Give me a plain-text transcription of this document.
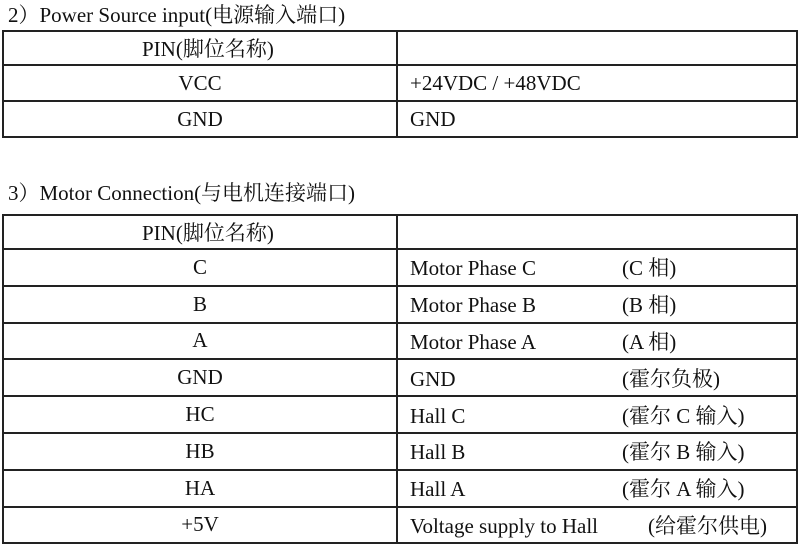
2）Power Source input(电源输入端口)
PIN(脚位名称)	
VCC	+24VDC / +48VDC
GND	GND
3）Motor Connection(与电机连接端口)
PIN(脚位名称)	
C	Motor Phase C (C 相)
B	Motor Phase B (B 相)
A	Motor Phase A (A 相)
GND	GND (霍尔负极)
HC	Hall C (霍尔 C 输入)
HB	Hall B (霍尔 B 输入)
HA	Hall A (霍尔 A 输入)
+5V	Voltage supply to Hall (给霍尔供电)
